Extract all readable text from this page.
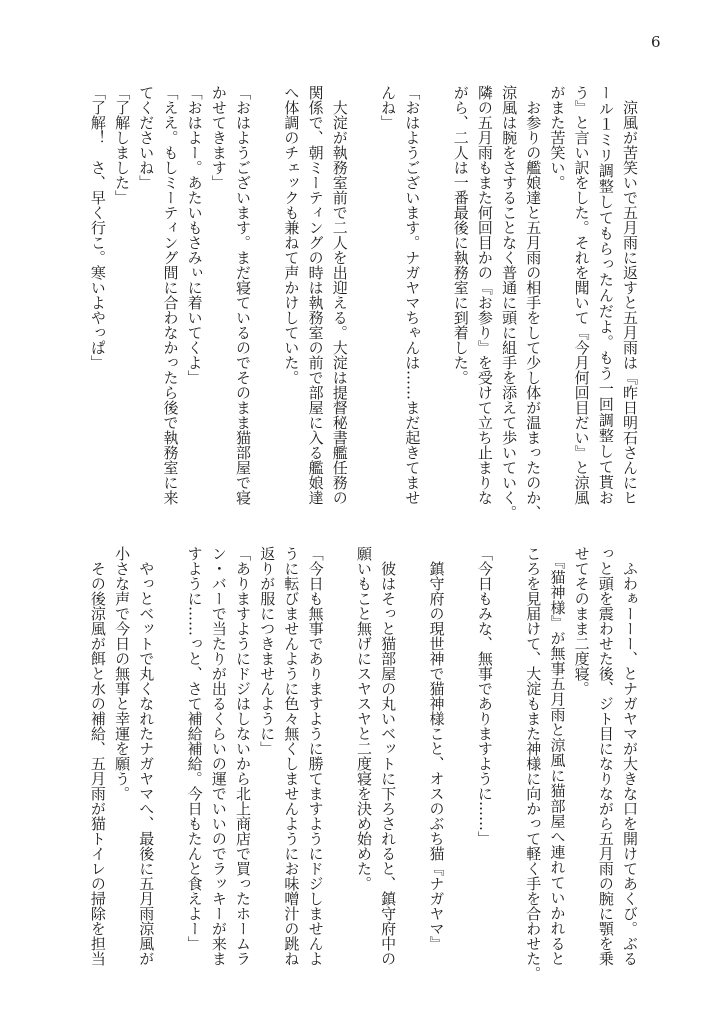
6
　涼風が苦笑いで五月雨に返すと五月雨は『昨日明石さんにヒ
ール１ミリ調整してもらったんだよ。もう一回調整して貰お
う』と言い訳をした。それを聞いて『今月何回目だい』と涼風
がまた苦笑い。
　お参りの艦娘達と五月雨の相手をして少し体が温まったのか、
涼風は腕をさすることなく普通に頭に組手を添えて歩いていく。
隣の五月雨もまた何回目かの『お参り』を受けて立ち止まりな
がら、二人は一番最後に執務室に到着した。
「おはようございます。ナガヤマちゃんは……まだ起きてませ
んね」
　大淀が執務室前で二人を出迎える。大淀は提督秘書艦任務の
関係で、朝ミーティングの時は執務室の前で部屋に入る艦娘達
へ体調のチェックも兼ねて声かけしていた。
「おはようございます。まだ寝ているのでそのまま猫部屋で寝
かせてきます」
「おはよー。あたいもさみぃに着いてくよ」
「ええ。もしミーティング間に合わなかったら後で執務室に来
てくださいね」
「了解しました」
「了解！　さ、早く行こ。寒いよやっぱ」
　ふわぁーーー、とナガヤマが大きな口を開けてあくび。ぶる
っと頭を震わせた後、ジト目になりながら五月雨の腕に顎を乗
せてそのまま二度寝。
　『猫神様』が無事五月雨と涼風に猫部屋へ連れていかれると
ころを見届けて、大淀もまた神様に向かって軽く手を合わせた。
「今日もみな、無事でありますように……」
　鎮守府の現世神で猫神様こと、オスのぶち猫『ナガヤマ』
　彼はそっと猫部屋の丸いベットに下ろされると、鎮守府中の
願いもこと無げにスヤスヤと二度寝を決め始めた。
「今日も無事でありますように勝てますようにドジしませんよ
うに転びませんように色々無くしませんようにお味噌汁の跳ね
返りが服につきませんように」
「ありますようにドジはしないから北上商店で買ったホームラ
ン・バーで当たりが出るくらいの運でいいのでラッキーが来ま
すように……っと、さて補給補給。今日もたんと食えよー」
　やっとベットで丸くなれたナガヤマへ、最後に五月雨涼風が
小さな声で今日の無事と幸運を願う。
　その後涼風が餌と水の補給、五月雨が猫トイレの掃除を担当
